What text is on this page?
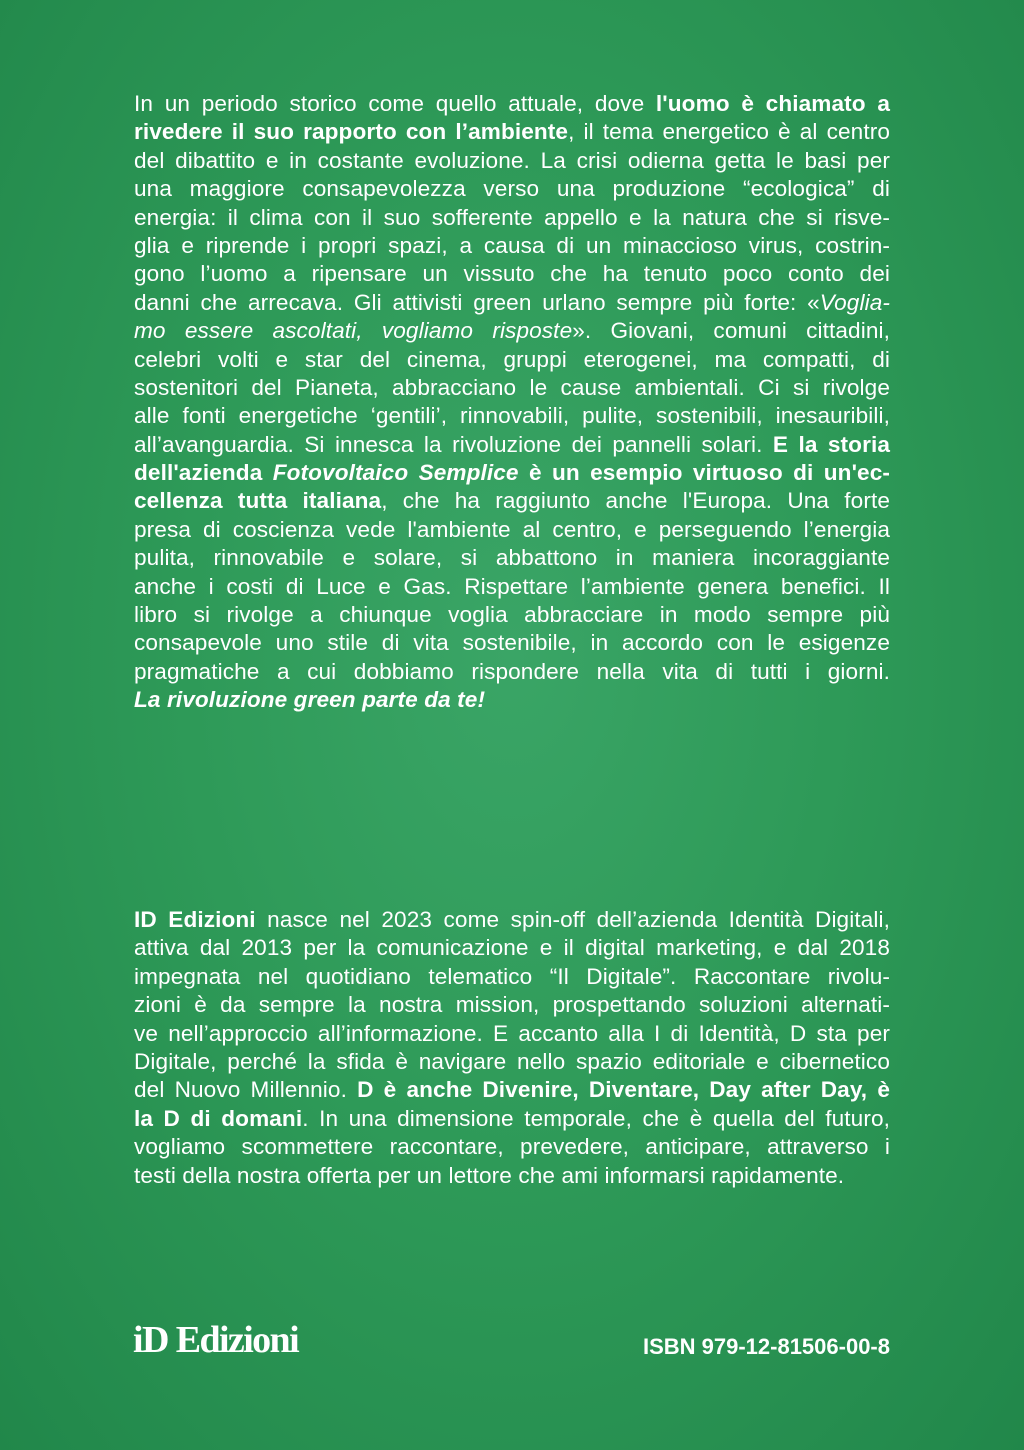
In un periodo storico come quello attuale, dove l'uomo è chiamato a
rivedere il suo rapporto con l’ambiente, il tema energetico è al centro
del dibattito e in costante evoluzione. La crisi odierna getta le basi per
una maggiore consapevolezza verso una produzione “ecologica” di
energia: il clima con il suo sofferente appello e la natura che si risve-
glia e riprende i propri spazi, a causa di un minaccioso virus, costrin-
gono l’uomo a ripensare un vissuto che ha tenuto poco conto dei
danni che arrecava. Gli attivisti green urlano sempre più forte: «Voglia-
mo essere ascoltati, vogliamo risposte». Giovani, comuni cittadini,
celebri volti e star del cinema, gruppi eterogenei, ma compatti, di
sostenitori del Pianeta, abbracciano le cause ambientali. Ci si rivolge
alle fonti energetiche ‘gentili’, rinnovabili, pulite, sostenibili, inesauribili,
all’avanguardia. Si innesca la rivoluzione dei pannelli solari. E la storia
dell'azienda Fotovoltaico Semplice è un esempio virtuoso di un'ec-
cellenza tutta italiana, che ha raggiunto anche l'Europa. Una forte
presa di coscienza vede l'ambiente al centro, e perseguendo l’energia
pulita, rinnovabile e solare, si abbattono in maniera incoraggiante
anche i costi di Luce e Gas. Rispettare l’ambiente genera benefici. Il
libro si rivolge a chiunque voglia abbracciare in modo sempre più
consapevole uno stile di vita sostenibile, in accordo con le esigenze
pragmatiche a cui dobbiamo rispondere nella vita di tutti i giorni.
La rivoluzione green parte da te!
ID Edizioni nasce nel 2023 come spin-off dell’azienda Identità Digitali,
attiva dal 2013 per la comunicazione e il digital marketing, e dal 2018
impegnata nel quotidiano telematico “Il Digitale”. Raccontare rivolu-
zioni è da sempre la nostra mission, prospettando soluzioni alternati-
ve nell’approccio all’informazione. E accanto alla I di Identità, D sta per
Digitale, perché la sfida è navigare nello spazio editoriale e cibernetico
del Nuovo Millennio. D è anche Divenire, Diventare, Day after Day, è
la D di domani. In una dimensione temporale, che è quella del futuro,
vogliamo scommettere raccontare, prevedere, anticipare, attraverso i
testi della nostra offerta per un lettore che ami informarsi rapidamente.
iD Edizioni	ISBN 979-12-81506-00-8
